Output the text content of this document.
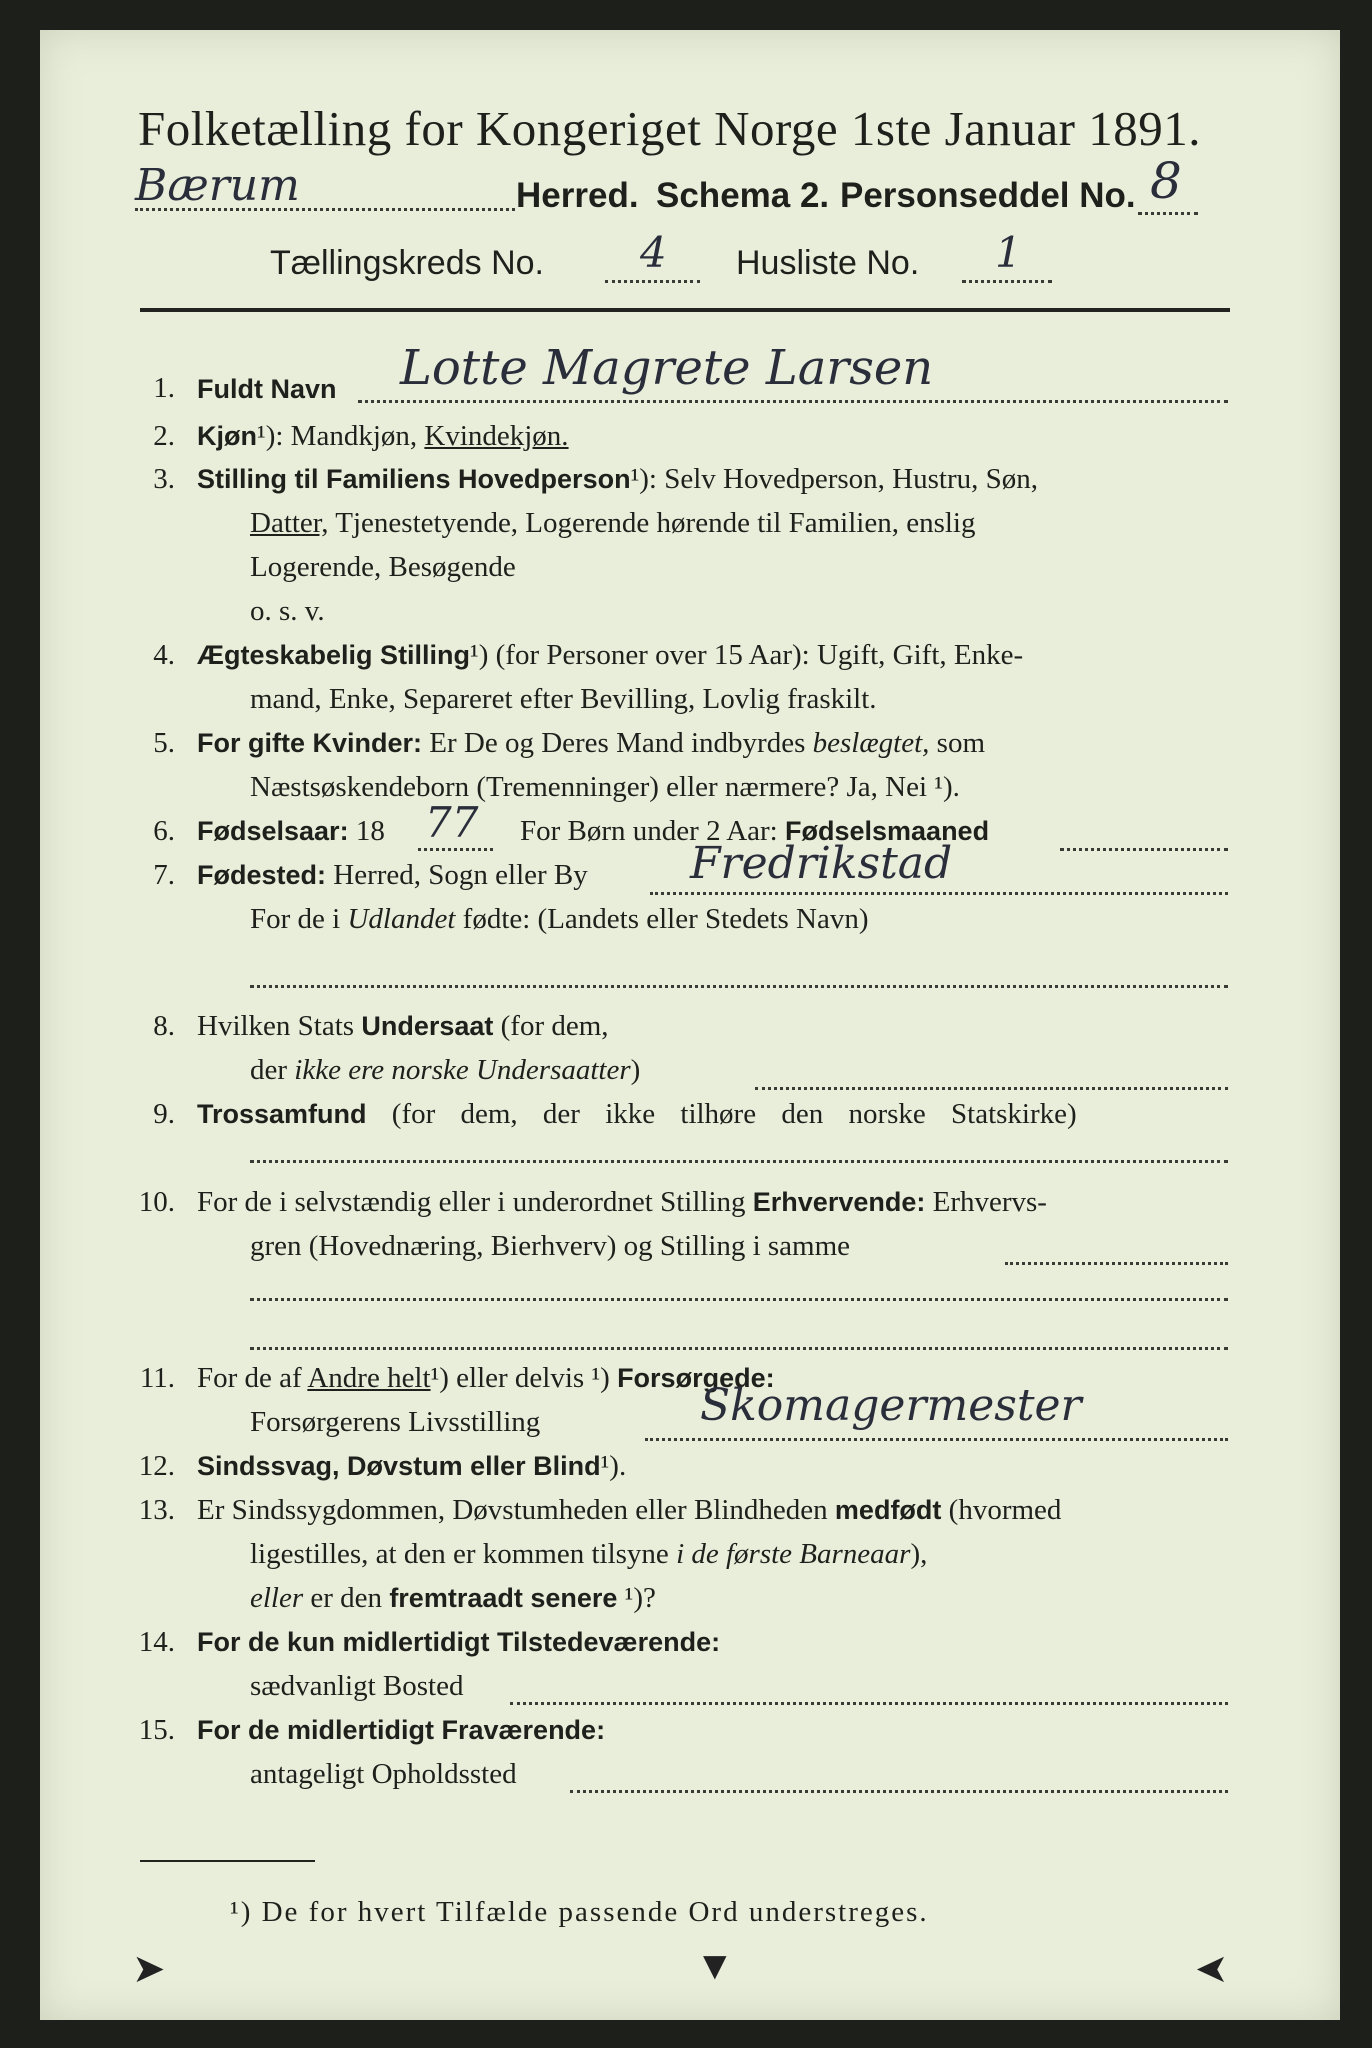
Folketælling for Kongeriget Norge 1ste Januar 1891.
Bærum	Herred. Schema 2. Personseddel No. 8
Tællingskreds No. 4 Husliste No. 1
1. Fuldt Navn Lotte Magrete Larsen
2. Kjøn¹): Mandkjøn, Kvindekjøn.
3. Stilling til Familiens Hovedperson¹): Selv Hovedperson, Hustru, Søn,
Datter, Tjenestetyende, Logerende hørende til Familien, enslig
Logerende, Besøgende
o. s. v.
4. Ægteskabelig Stilling¹) (for Personer over 15 Aar): Ugift, Gift, Enke-
mand, Enke, Separeret efter Bevilling, Lovlig fraskilt.
5. For gifte Kvinder: Er De og Deres Mand indbyrdes beslægtet, som
Næstsøskendeborn (Tremenninger) eller nærmere? Ja, Nei ¹).
6. Fødselsaar: 18 77 For Børn under 2 Aar: Fødselsmaaned
7. Fødested: Herred, Sogn eller By Fredrikstad
For de i Udlandet fødte: (Landets eller Stedets Navn)
8. Hvilken Stats Undersaat (for dem,
der ikke ere norske Undersaatter)
9. Trossamfund (for dem, der ikke tilhøre den norske Statskirke)
10. For de i selvstændig eller i underordnet Stilling Erhvervende: Erhvervs-
gren (Hovednæring, Bierhverv) og Stilling i samme
11. For de af Andre helt¹) eller delvis ¹) Forsørgede:
Forsørgerens Livsstilling	Skomagermester
12. Sindssvag, Døvstum eller Blind¹).
13. Er Sindssygdommen, Døvstumheden eller Blindheden medfødt (hvormed
ligestilles, at den er kommen tilsyne i de første Barneaar),
eller er den fremtraadt senere ¹)?
14. For de kun midlertidigt Tilstedeværende:
sædvanligt Bosted
15. For de midlertidigt Fraværende:
antageligt Opholdssted
¹) De for hvert Tilfælde passende Ord understreges.
➤	▼	➤
